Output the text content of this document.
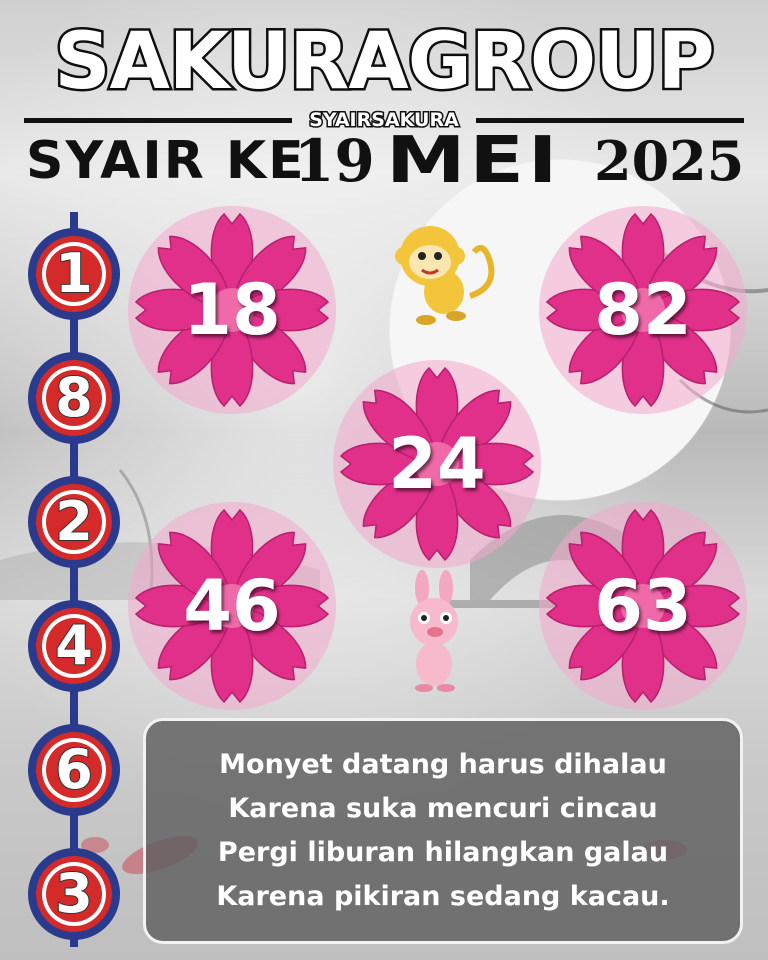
SAKURAGROUP
SYAIRSAKURA
SYAIR KE
19 MEI 2025
1
8
2
4
6
3
18	82
24
46	63
Monyet datang harus dihalau
Karena suka mencuri cincau
Pergi liburan hilangkan galau
Karena pikiran sedang kacau.
